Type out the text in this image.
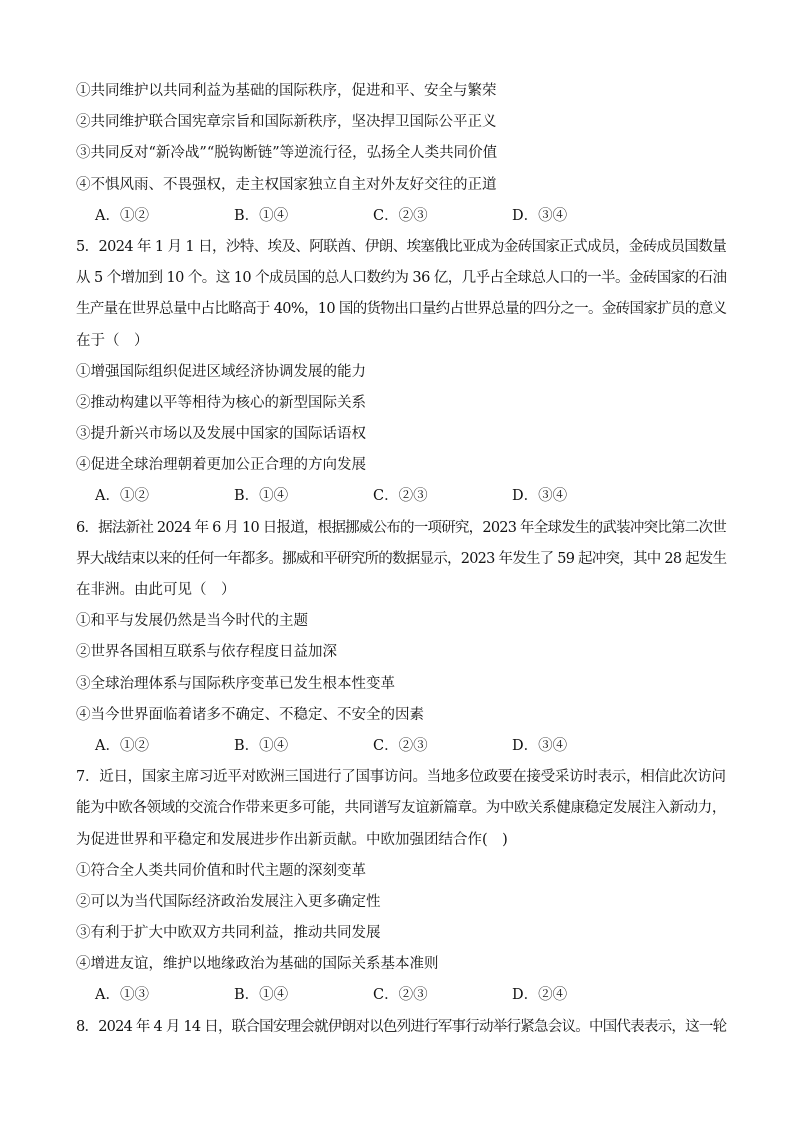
①共同维护以共同利益为基础的国际秩序，促进和平、安全与繁荣
②共同维护联合国宪章宗旨和国际新秩序，坚决捍卫国际公平正义
③共同反对“新冷战”“脱钩断链”等逆流行径，弘扬全人类共同价值
④不惧风雨、不畏强权，走主权国家独立自主对外友好交往的正道
A．①②	B．①④	C．②③	D．③④
5．2024 年 1 月 1 日，沙特、埃及、阿联酋、伊朗、埃塞俄比亚成为金砖国家正式成员，金砖成员国数量
从 5 个增加到 10 个。这 10 个成员国的总人口数约为 36 亿，几乎占全球总人口的一半。金砖国家的石油
生产量在世界总量中占比略高于 40%，10 国的货物出口量约占世界总量的四分之一。金砖国家扩员的意义
在于（　）
①增强国际组织促进区域经济协调发展的能力
②推动构建以平等相待为核心的新型国际关系
③提升新兴市场以及发展中国家的国际话语权
④促进全球治理朝着更加公正合理的方向发展
A．①②	B．①④	C．②③	D．③④
6．据法新社 2024 年 6 月 10 日报道，根据挪威公布的一项研究，2023 年全球发生的武装冲突比第二次世
界大战结束以来的任何一年都多。挪威和平研究所的数据显示，2023 年发生了 59 起冲突，其中 28 起发生
在非洲。由此可见（　）
①和平与发展仍然是当今时代的主题
②世界各国相互联系与依存程度日益加深
③全球治理体系与国际秩序变革已发生根本性变革
④当今世界面临着诸多不确定、不稳定、不安全的因素
A．①②	B．①④	C．②③	D．③④
7．近日，国家主席习近平对欧洲三国进行了国事访问。当地多位政要在接受采访时表示，相信此次访问
能为中欧各领域的交流合作带来更多可能，共同谱写友谊新篇章。为中欧关系健康稳定发展注入新动力，
为促进世界和平稳定和发展进步作出新贡献。中欧加强团结合作(　)
①符合全人类共同价值和时代主题的深刻变革
②可以为当代国际经济政治发展注入更多确定性
③有利于扩大中欧双方共同利益，推动共同发展
④增进友谊，维护以地缘政治为基础的国际关系基本准则
A．①③	B．①④	C．②③	D．②④
8．2024 年 4 月 14 日，联合国安理会就伊朗对以色列进行军事行动举行紧急会议。中国代表表示，这一轮
